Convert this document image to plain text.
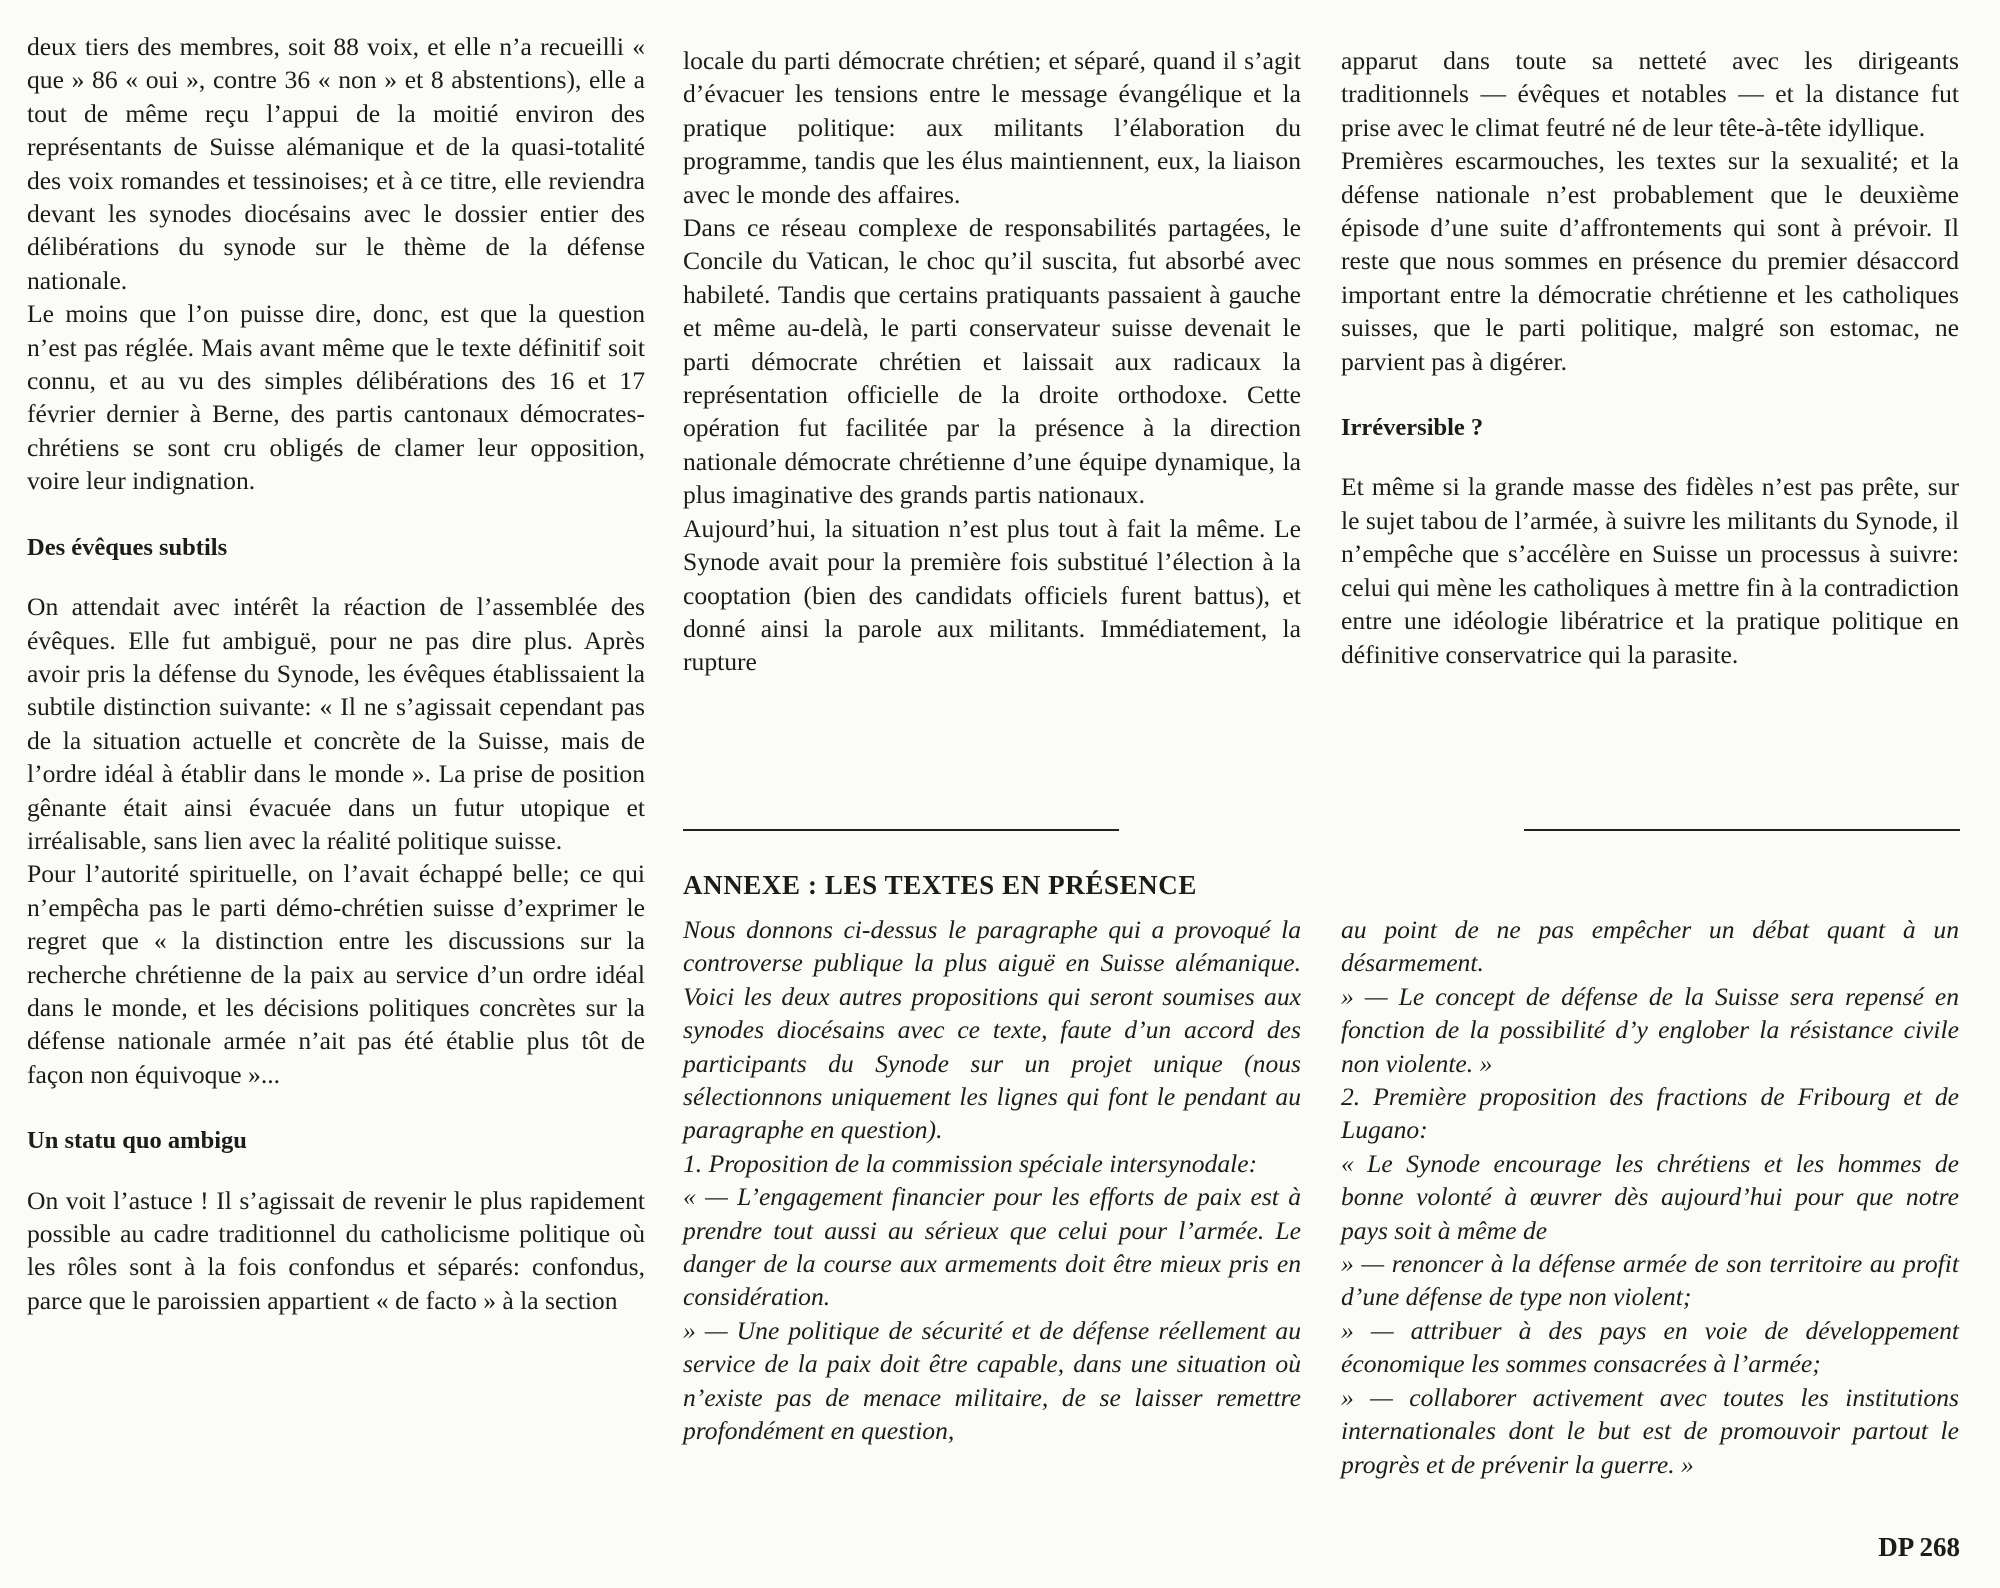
deux tiers des membres, soit 88 voix, et elle n’a recueilli « que » 86 « oui », contre 36 « non » et 8 abstentions), elle a tout de même reçu l’appui de la moitié environ des représentants de Suisse alémanique et de la quasi-totalité des voix romandes et tessinoises; et à ce titre, elle reviendra devant les synodes diocésains avec le dossier entier des délibérations du synode sur le thème de la défense nationale.

Le moins que l’on puisse dire, donc, est que la question n’est pas réglée. Mais avant même que le texte définitif soit connu, et au vu des simples délibérations des 16 et 17 février dernier à Berne, des partis cantonaux démocrates-chrétiens se sont cru obligés de clamer leur opposition, voire leur indignation.

Des évêques subtils

On attendait avec intérêt la réaction de l’assemblée des évêques. Elle fut ambiguë, pour ne pas dire plus. Après avoir pris la défense du Synode, les évêques établissaient la subtile distinction suivante: « Il ne s’agissait cependant pas de la situation actuelle et concrète de la Suisse, mais de l’ordre idéal à établir dans le monde ». La prise de position gênante était ainsi évacuée dans un futur utopique et irréalisable, sans lien avec la réalité politique suisse.

Pour l’autorité spirituelle, on l’avait échappé belle; ce qui n’empêcha pas le parti démo-chrétien suisse d’exprimer le regret que « la distinction entre les discussions sur la recherche chrétienne de la paix au service d’un ordre idéal dans le monde, et les décisions politiques concrètes sur la défense nationale armée n’ait pas été établie plus tôt de façon non équivoque »...

Un statu quo ambigu

On voit l’astuce ! Il s’agissait de revenir le plus rapidement possible au cadre traditionnel du catholicisme politique où les rôles sont à la fois confondus et séparés: confondus, parce que le paroissien appartient « de facto » à la section

locale du parti démocrate chrétien; et séparé, quand il s’agit d’évacuer les tensions entre le message évangélique et la pratique politique: aux militants l’élaboration du programme, tandis que les élus maintiennent, eux, la liaison avec le monde des affaires.

Dans ce réseau complexe de responsabilités partagées, le Concile du Vatican, le choc qu’il suscita, fut absorbé avec habileté. Tandis que certains pratiquants passaient à gauche et même au-delà, le parti conservateur suisse devenait le parti démocrate chrétien et laissait aux radicaux la représentation officielle de la droite orthodoxe. Cette opération fut facilitée par la présence à la direction nationale démocrate chrétienne d’une équipe dynamique, la plus imaginative des grands partis nationaux.

Aujourd’hui, la situation n’est plus tout à fait la même. Le Synode avait pour la première fois substitué l’élection à la cooptation (bien des candidats officiels furent battus), et donné ainsi la parole aux militants. Immédiatement, la rupture

apparut dans toute sa netteté avec les dirigeants traditionnels — évêques et notables — et la distance fut prise avec le climat feutré né de leur tête-à-tête idyllique.

Premières escarmouches, les textes sur la sexualité; et la défense nationale n’est probablement que le deuxième épisode d’une suite d’affrontements qui sont à prévoir. Il reste que nous sommes en présence du premier désaccord important entre la démocratie chrétienne et les catholiques suisses, que le parti politique, malgré son estomac, ne parvient pas à digérer.

Irréversible ?

Et même si la grande masse des fidèles n’est pas prête, sur le sujet tabou de l’armée, à suivre les militants du Synode, il n’empêche que s’accélère en Suisse un processus à suivre: celui qui mène les catholiques à mettre fin à la contradiction entre une idéologie libératrice et la pratique politique en définitive conservatrice qui la parasite.

ANNEXE : LES TEXTES EN PRÉSENCE

Nous donnons ci-dessus le paragraphe qui a provoqué la controverse publique la plus aiguë en Suisse alémanique. Voici les deux autres propositions qui seront soumises aux synodes diocésains avec ce texte, faute d’un accord des participants du Synode sur un projet unique (nous sélectionnons uniquement les lignes qui font le pendant au paragraphe en question).

1. Proposition de la commission spéciale intersynodale:

« — L’engagement financier pour les efforts de paix est à prendre tout aussi au sérieux que celui pour l’armée. Le danger de la course aux armements doit être mieux pris en considération.

» — Une politique de sécurité et de défense réellement au service de la paix doit être capable, dans une situation où n’existe pas de menace militaire, de se laisser remettre profondément en question,

au point de ne pas empêcher un débat quant à un désarmement.

» — Le concept de défense de la Suisse sera repensé en fonction de la possibilité d’y englober la résistance civile non violente. »

2. Première proposition des fractions de Fribourg et de Lugano:

« Le Synode encourage les chrétiens et les hommes de bonne volonté à œuvrer dès aujourd’hui pour que notre pays soit à même de

» — renoncer à la défense armée de son territoire au profit d’une défense de type non violent;

» — attribuer à des pays en voie de développement économique les sommes consacrées à l’armée;

» — collaborer activement avec toutes les institutions internationales dont le but est de promouvoir partout le progrès et de prévenir la guerre. »

DP 268
